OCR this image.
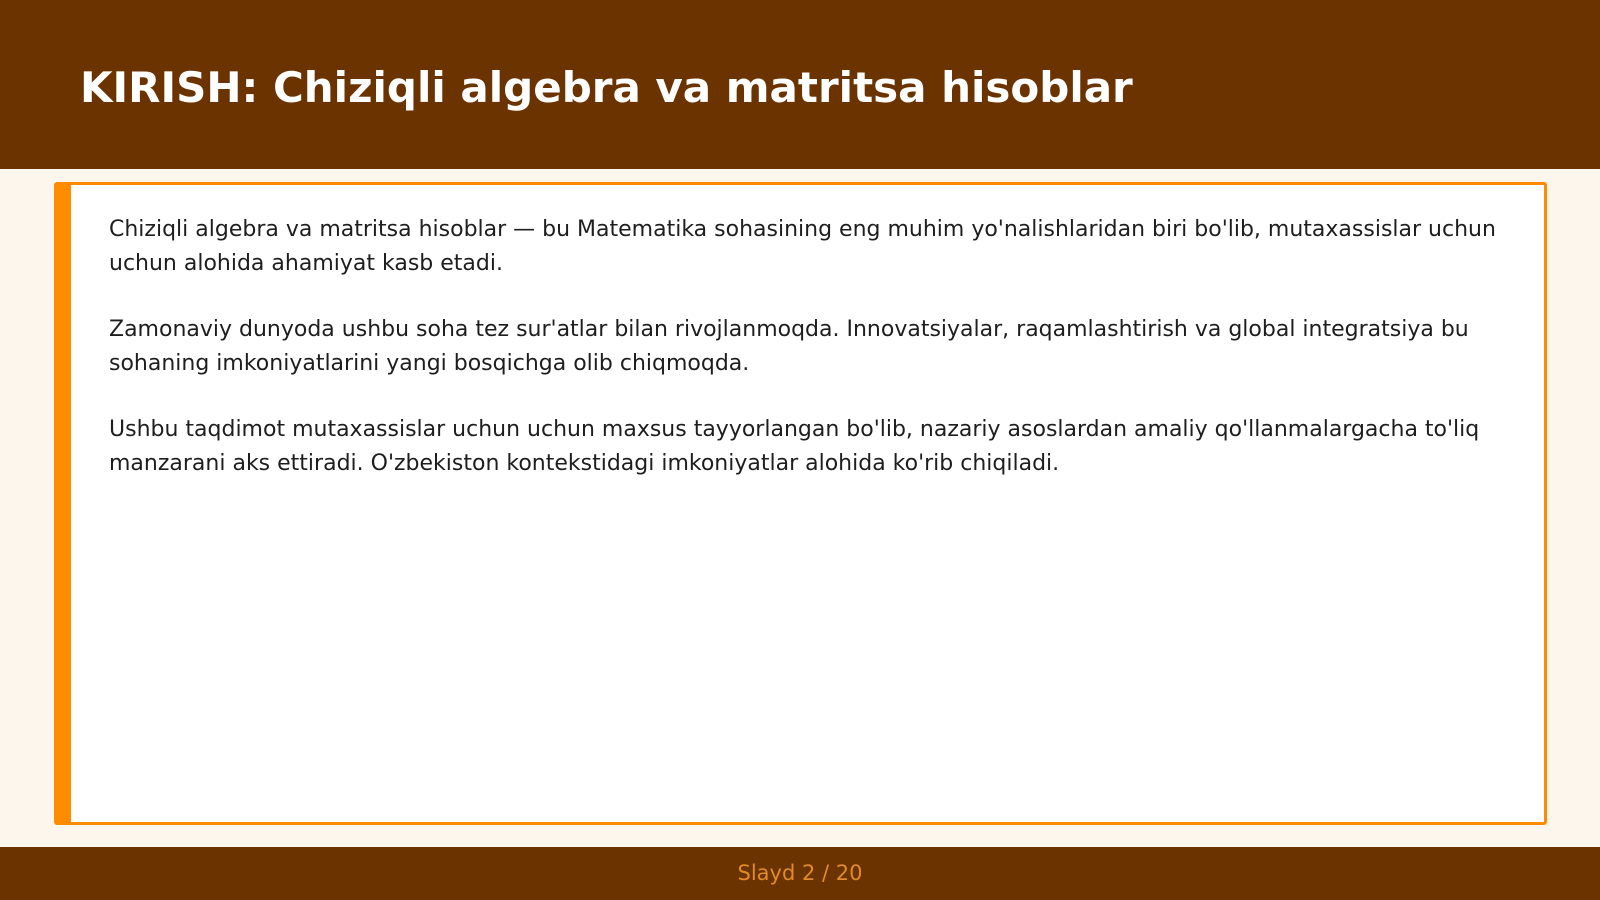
KIRISH: Chiziqli algebra va matritsa hisoblar

Chiziqli algebra va matritsa hisoblar — bu Matematika sohasining eng muhim yo'nalishlaridan biri bo'lib, mutaxassislar uchun uchun alohida ahamiyat kasb etadi.

Zamonaviy dunyoda ushbu soha tez sur'atlar bilan rivojlanmoqda. Innovatsiyalar, raqamlashtirish va global integratsiya bu sohaning imkoniyatlarini yangi bosqichga olib chiqmoqda.

Ushbu taqdimot mutaxassislar uchun uchun maxsus tayyorlangan bo'lib, nazariy asoslardan amaliy qo'llanmalargacha to'liq manzarani aks ettiradi. O'zbekiston kontekstidagi imkoniyatlar alohida ko'rib chiqiladi.

Slayd 2 / 20
